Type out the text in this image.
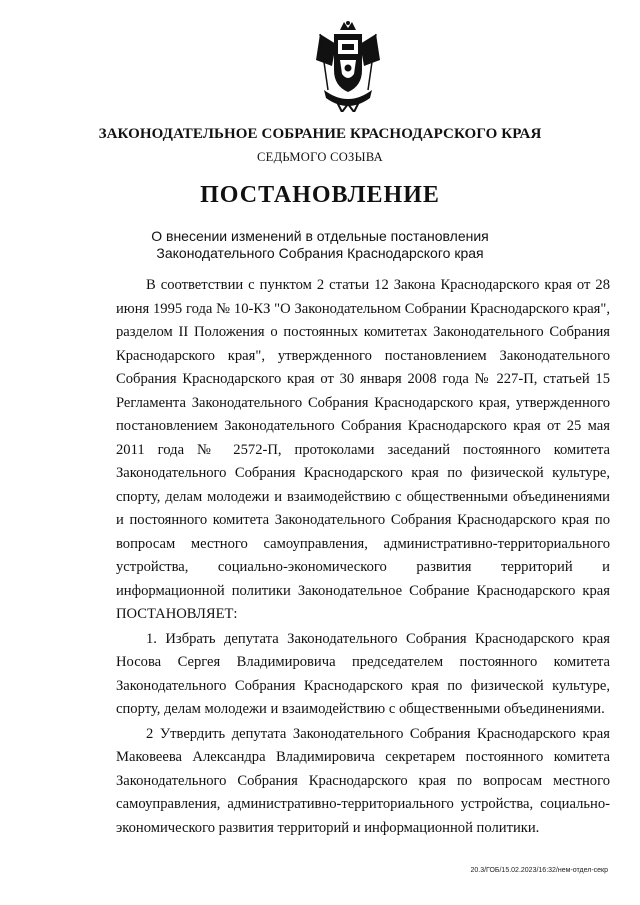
ЗАКОНОДАТЕЛЬНОЕ СОБРАНИЕ КРАСНОДАРСКОГО КРАЯ
СЕДЬМОГО СОЗЫВА
ПОСТАНОВЛЕНИЕ
О внесении изменений в отдельные постановления
Законодательного Собрания Краснодарского края

В соответствии с пунктом 2 статьи 12 Закона Краснодарского края от 28 июня 1995 года № 10-КЗ "О Законодательном Собрании Краснодарского края", разделом II Положения о постоянных комитетах Законодательного Собрания Краснодарского края", утвержденного постановлением Законодательного Собрания Краснодарского края от 30 января 2008 года № 227-П, статьей 15 Регламента Законодательного Собрания Краснодарского края, утвержденного постановлением Законодательного Собрания Краснодарского края от 25 мая 2011 года № 2572-П, протоколами заседаний постоянного комитета Законодательного Собрания Краснодарского края по физической культуре, спорту, делам молодежи и взаимодействию с общественными объединениями и постоянного комитета Законодательного Собрания Краснодарского края по вопросам местного самоуправления, административно-территориального устройства, социально-экономического развития территорий и информационной политики Законодательное Собрание Краснодарского края ПОСТАНОВЛЯЕТ:

1. Избрать депутата Законодательного Собрания Краснодарского края Носова Сергея Владимировича председателем постоянного комитета Законодательного Собрания Краснодарского края по физической культуре, спорту, делам молодежи и взаимодействию с общественными объединениями.

2 Утвердить депутата Законодательного Собрания Краснодарского края Маковеева Александра Владимировича секретарем постоянного комитета Законодательного Собрания Краснодарского края по вопросам местного самоуправления, административно-территориального устройства, социально-экономического развития территорий и информационной политики.

20.3/ГОБ/15.02.2023/16:32/нем-отдел-секр
